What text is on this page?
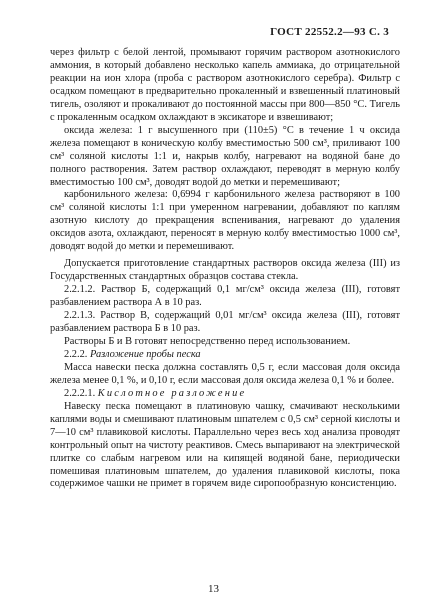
ГОСТ 22552.2—93 С. 3

через фильтр с белой лентой, промывают горячим раствором азотнокислого аммония, в который добавлено несколько капель аммиака, до отрицательной реакции на ион хлора (проба с раствором азотнокислого серебра). Фильтр с осадком помещают в предварительно прокаленный и взвешенный платиновый тигель, озоляют и прокаливают до постоянной массы при 800—850 °С. Тигель с прокаленным осадком охлаждают в эксикаторе и взвешивают;

оксида железа: 1 г высушенного при (110±5) °С в течение 1 ч оксида железа помещают в коническую колбу вместимостью 500 см³, приливают 100 см³ соляной кислоты 1:1 и, накрыв колбу, нагревают на водяной бане до полного растворения. Затем раствор охлаждают, переводят в мерную колбу вместимостью 100 см³, доводят водой до метки и перемешивают;

карбонильного железа: 0,6994 г карбонильного железа растворяют в 100 см³ соляной кислоты 1:1 при умеренном нагревании, добавляют по каплям азотную кислоту до прекращения вспенивания, нагревают до удаления оксидов азота, охлаждают, переносят в мерную колбу вместимостью 1000 см³, доводят водой до метки и перемешивают.

Допускается приготовление стандартных растворов оксида железа (III) из Государственных стандартных образцов состава стекла.

2.2.1.2. Раствор Б, содержащий 0,1 мг/см³ оксида железа (III), готовят разбавлением раствора А в 10 раз.

2.2.1.3. Раствор В, содержащий 0,01 мг/см³ оксида железа (III), готовят разбавлением раствора Б в 10 раз.

Растворы Б и В готовят непосредственно перед использованием.

2.2.2. Разложение пробы песка

Масса навески песка должна составлять 0,5 г, если массовая доля оксида железа менее 0,1 %, и 0,10 г, если массовая доля оксида железа 0,1 % и более.

2.2.2.1. Кислотное разложение

Навеску песка помещают в платиновую чашку, смачивают несколькими каплями воды и смешивают платиновым шпателем с 0,5 см³ серной кислоты и 7—10 см³ плавиковой кислоты. Параллельно через весь ход анализа проводят контрольный опыт на чистоту реактивов. Смесь выпаривают на электрической плитке со слабым нагревом или на кипящей водяной бане, периодически помешивая платиновым шпателем, до удаления плавиковой кислоты, пока содержимое чашки не примет в горячем виде сиропообразную консистенцию.

13
